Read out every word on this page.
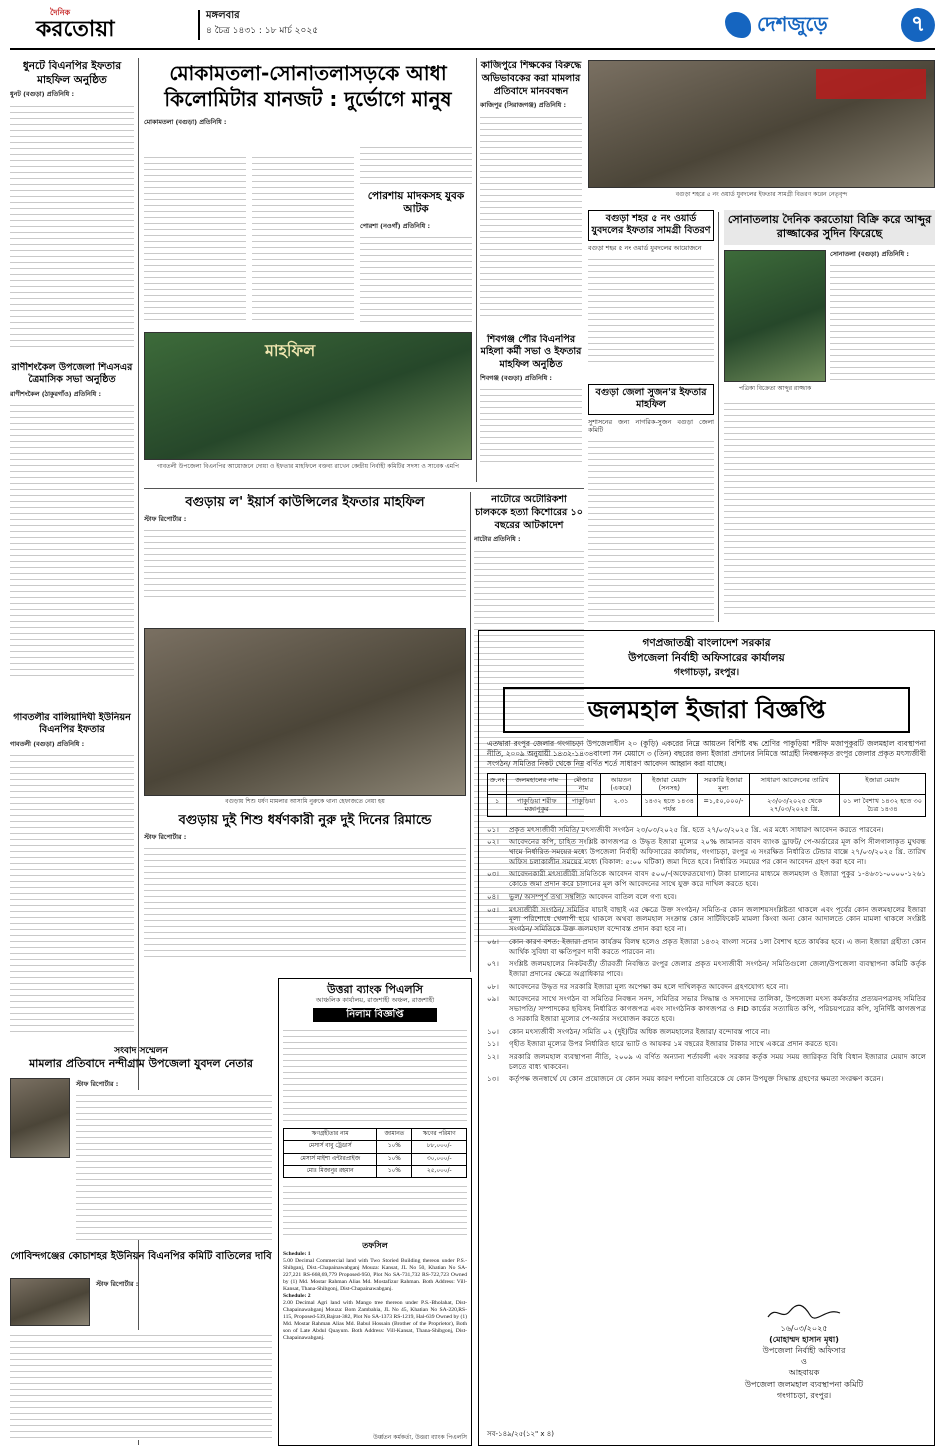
দৈনিক
করতোয়া
মঙ্গলবার
৪ চৈত্র ১৪৩১ : ১৮ মার্চ ২০২৫	দেশজুড়ে	৭
ধুনটে বিএনপির ইফতার মাহফিল অনুষ্ঠিত
ধুনট (বগুড়া) প্রতিনিধি :
রাণীশংকৈল উপজেলা শিএসএর ত্রৈমাসিক সভা অনুষ্ঠিত
রাণীশংকৈল (ঠাকুরগাঁও) প্রতিনিধি :
গাবতলীর বালিয়াদিঘী ইউনিয়ন বিএনপির ইফতার
গাবতলী (বগুড়া) প্রতিনিধি :
মোকামতলা-সোনাতলাসড়কে আধা কিলোমিটার যানজট : দুর্ভোগে মানুষ
মোকামতলা (বগুড়া) প্রতিনিধি :
পোরশায় মাদকসহ যুবক আটক
পোরশা (নওগাঁ) প্রতিনিধি :
মাহফিল
গাবতলী উপজেলা বিএনপির আয়োজনে দোয়া ও ইফতার মাহফিলে বক্তব্য রাখেন কেন্দ্রীয় নির্বাহী কমিটির সদস্য ও সাবেক এমপি
কাজিপুরে শিক্ষকের বিরুদ্ধে অভিভাবকের করা মামলার প্রতিবাদে মানববন্ধন
কাজিপুর (সিরাজগঞ্জ) প্রতিনিধি :
শিবগঞ্জ পৌর বিএনপির মহিলা কর্মী সভা ও ইফতার মাহফিল অনুষ্ঠিত
শিবগঞ্জ (বগুড়া) প্রতিনিধি :
বগুড়া শহরে ৫ নং ওয়ার্ড যুবদলের ইফতার সামগ্রী বিতরণ করেন নেতৃবৃন্দ
বগুড়া শহর ৫ নং ওয়ার্ড যুবদলের ইফতার সামগ্রী বিতরণ
বগুড়া শহর ৫ নং ওয়ার্ড যুবদলের আয়োজনে
বগুড়া জেলা সুজন'র ইফতার মাহফিল
সুশাসনের জন্য নাগরিক-সুজন বগুড়া জেলা কমিটি
সোনাতলায় দৈনিক করতোয়া বিক্রি করে আব্দুর রাজ্জাকের সুদিন ফিরেছে
সোনাতলা (বগুড়া) প্রতিনিধি :
পত্রিকা বিক্রেতা আব্দুর রাজ্জাক
বগুড়ায় ল' ইয়ার্স কাউন্সিলের ইফতার মাহফিল
স্টাফ রিপোর্টার :
বগুড়ায় শিশু ধর্ষণ মামলার আসামি নুরুকে থানা হেফাজতে নেয়া হয়
বগুড়ায় দুই শিশু ধর্ষণকারী নুরু দুই দিনের রিমান্ডে
স্টাফ রিপোর্টার :
নাটোরে অটোরিকশা চালককে হত্যা কিশোরের ১০ বছরের আটকাদেশ
নাটোর প্রতিনিধি :
সংবাদ সম্মেলন
মামলার প্রতিবাদে নন্দীগ্রাম উপজেলা যুবদল নেতার
স্টাফ রিপোর্টার :
গোবিন্দগঞ্জের কোচাশহর ইউনিয়ন বিএনপির কমিটি বাতিলের দাবি
স্টাফ রিপোর্টার :
উত্তরা ব্যাংক পিএলসি
আঞ্চলিক কার্যালয়, রাজশাহী অঞ্চল, রাজশাহী
নিলাম বিজ্ঞপ্তি
ঋণগ্রহীতার নাম	জামানত	ঋণের পরিমাণ
মেসার্স বাবু ট্রেডার্স	১০%	৮৮,০০০/-
মেসার্স মাইশা এন্টারপ্রাইজ	১০%	৩০,০০০/-
মোঃ মিজানুর রহমান	১০%	২৫,০০০/-
তফসিল
Schedule: 1
5.00 Decimal Commercial land with Two Storied Building thereon under P.S.-Shibganj, Dist.-Chapainawabganj Mouza: Kansat, JL No 50, Khatian No SA-227,221 RS-668,69,779 Proposed-950, Plot No SA-731,732 RS-722,723 Owned by (1) Md. Mostar Rahman Alias Md. Mostafizur Rahman. Both Address: Vill-Kansat, Thana-Shibgonj, Dist-Chapainawabganj.
Schedule: 2
2.00 Decimal Agri land with Mango tree thereon under P.S.-Bholahat, Dist-Chapainawabganj Mouza: Bom Zambahia, JL No 45, Khatian No SA-220,RS-115, Proposed-539,Bajrat-382, Plot No SA-1373 RS-1219, Hal-639 Owned by (1) Md. Mostar Rahman Alias Md. Babul Hossain (Brother of the Proprietor), Both son of Late Abdul Quayum. Both Address: Vill-Kansat, Thana-Shibgonj, Dist-Chapainawabganj.
উর্ধ্বতন কর্মকর্তা, উত্তরা ব্যাংক পিএলসি
গণপ্রজাতন্ত্রী বাংলাদেশ সরকার
উপজেলা নির্বাহী অফিসারের কার্যালয়
গংগাচড়া, রংপুর।
জলমহাল ইজারা বিজ্ঞপ্তি
এতদ্বারা রংপুর জেলার গংগাচড়া উপজেলাধীন ২০ (কুড়ি) একরের নিম্নে আয়তন বিশিষ্ট বদ্ধ শ্রেণির পাকুড়িয়া শরীফ মজাপুকুরটি জলমহাল ব্যবস্থাপনা নীতি, ২০০৯ অনুযায়ী ১৪৩২-১৪৩৪বাংলা সন মেয়াদে ৩ (তিন) বছরের জন্য ইজারা প্রদানের নিমিত্তে আগ্রহী নিবন্ধনকৃত রংপুর জেলার প্রকৃত মৎস্যজীবী সংগঠন/ সমিতির নিকট থেকে নিম্ন বর্ণিত শর্তে সাধারণ আবেদন আহ্বান করা যাচ্ছে।
ক্র.নং	জলমহালের নাম	মৌজার নাম	আয়তন (একরে)	ইজারা মেয়াদ (সনসহ)	সরকারি ইজারা মূল্য	সাধারণ আবেদনের তারিখ	ইজারা মেয়াদ
১	পাকুড়িয়া শরীফ মজাপুকুর	পাকুড়িয়া	২.৩১	১৪৩২ হতে ১৪৩৪ পর্যন্ত	=১,৫০,০০০/-	২৩/০৩/২০২৫ থেকে ২৭/০৩/২০২৫ খ্রি.	০১ লা বৈশাখ ১৪৩২ হতে ৩০ চৈত্র ১৪৩৪
০১।	প্রকৃত মৎস্যজীবী সমিতি/ মৎস্যজীবী সংগঠন ২৩/০৩/২০২৫ খ্রি. হতে ২৭/০৩/২০২৫ খ্রি. এর মধ্যে সাধারণ আবেদন করতে পারবেন।
০২।	আবেদনের কপি, চাহিত সংশ্লিষ্ট কাগজপত্র ও উদ্ধৃত ইজারা মূল্যের ২০% জামানত বাবদ ব্যাংক ড্রাফট/ পে-অর্ডারের মূল কপি সীলগালাকৃত মুখবন্ধ খামে নির্ধারিত সময়ের মধ্যে উপজেলা নির্বাহী অফিসারের কার্যালয়, গংগাচড়া, রংপুর এ সংরক্ষিত নির্ধারিত টেন্ডার বাক্সে ২৭/০৩/২০২৫ খ্রি. তারিখ অফিস চলাকালীন সময়ের মধ্যে (বিকাল: ৫:০০ ঘটিকা) জমা দিতে হবে। নির্ধারিত সময়ের পর কোন আবেদন গ্রহণ করা হবে না।
০৩।	আবেদনকারী মৎস্যজীবী সমিতিকে আবেদন বাবদ ৫০০/-(অফেরতযোগ্য) টাকা চালানের মাধ্যমে জলমহাল ও ইজারা পুকুর ১-৪৬৩১-০০০০-১২৬১ কোডে জমা প্রদান করে চালানের মূল কপি আবেদনের সাথে যুক্ত করে দাখিল করতে হবে।
০৪।	ভুল/ অসম্পূর্ণ তথ্য সম্বলিত আবেদন বাতিল বলে গণ্য হবে।
০৫।	মৎস্যজীবী সংগঠন/ সমিতির যাচাই বাছাই এর ক্ষেত্রে উক্ত সংগঠন/ সমিতি-র কোন জলাশয়সংশ্লিষ্টতা থাকলে এবং পূর্বের কোন জলমহালের ইজারা মূল্য পরিশোধে খেলাপী হয়ে থাকলে অথবা জলমহাল সংক্রান্ত কোন সার্টিফিকেট মামলা কিংবা অন্য কোন আদালতে কোন মামলা থাকলে সংশ্লিষ্ট সংগঠন/ সমিতিকে উক্ত জলমহাল বন্দোবস্ত প্রদান করা হবে না।
০৬।	কোন কারণ বশত: ইজারা প্রদান কার্যক্রম বিলম্ব হলেও প্রকৃত ইজারা ১৪৩২ বাংলা সনের ১লা বৈশাখ হতে কার্যকর হবে। এ জন্য ইজারা গ্রহীতা কোন আর্থিক সুবিধা বা ক্ষতিপূরণ দাবী করতে পারবেন না।
০৭।	সংশ্লিষ্ট জলমহালের নিকটবর্তী/ তীরবর্তী নিবন্ধিত রংপুর জেলার প্রকৃত মৎস্যজীবী সংগঠন/ সমিতিগুলো জেলা/উপজেলা ব্যবস্থাপনা কমিটি কর্তৃক ইজারা প্রদানের ক্ষেত্রে অগ্রাধিকার পাবে।
০৮।	আবেদনের উদ্ধৃত দর সরকারি ইজারা মূল্য অপেক্ষা কম হলে দাখিলকৃত আবেদন গ্রহণযোগ্য হবে না।
০৯।	আবেদনের সাথে সংগঠন বা সমিতির নিবন্ধন সনদ, সমিতির সভার সিদ্ধান্ত ও সদস্যদের তালিকা, উপজেলা মৎস্য কর্মকর্তার প্রত্যয়নপত্রসহ সমিতির সভাপতি/ সম্পাদকের ছবিসহ নির্ধারিত কাগজপত্র এবং সাংগঠনিক কাগজপত্র ও FID কার্ডের সত্যায়িত কপি, পরিচয়পত্রের কপি, সুনির্দিষ্ট কাগজপত্র ও সরকারি ইজারা মূল্যের পে-অর্ডার সংযোজন করতে হবে।
১০।	কোন মৎস্যজীবী সংগঠন/ সমিতি ০২ (দুই)টির অধিক জলমহালের ইজারা/ বন্দোবস্ত পাবে না।
১১।	গৃহীত ইজারা মূল্যের উপর নির্ধারিত হারে ভ্যাট ও আয়কর ১ম বছরের ইজারার টাকার সাথে একত্রে প্রদান করতে হবে।
১২।	সরকারি জলমহাল ব্যবস্থাপনা নীতি, ২০০৯ এ বর্ণিত অন্যান্য শর্তাবলী এবং সরকার কর্তৃক সময় সময় জারিকৃত বিধি বিধান ইজারার মেয়াদ কালে চলতে বাধ্য থাকবেন।
১৩।	কর্তৃপক্ষ জনস্বার্থে যে কোন প্রয়োজনে যে কোন সময় কারণ দর্শানো ব্যতিরেকে যে কোন উপযুক্ত সিদ্ধান্ত গ্রহণের ক্ষমতা সংরক্ষণ করেন।
১৬/০৩/২০২৫
(মোহাম্মদ হাসান মৃধা)
উপজেলা নির্বাহী অফিসার
ও
আহবায়ক
উপজেলা জলমহাল ব্যবস্থাপনা কমিটি
গংগাচড়া, রংপুর।
সব-১৪৯/২৫(১২" x ৪)
